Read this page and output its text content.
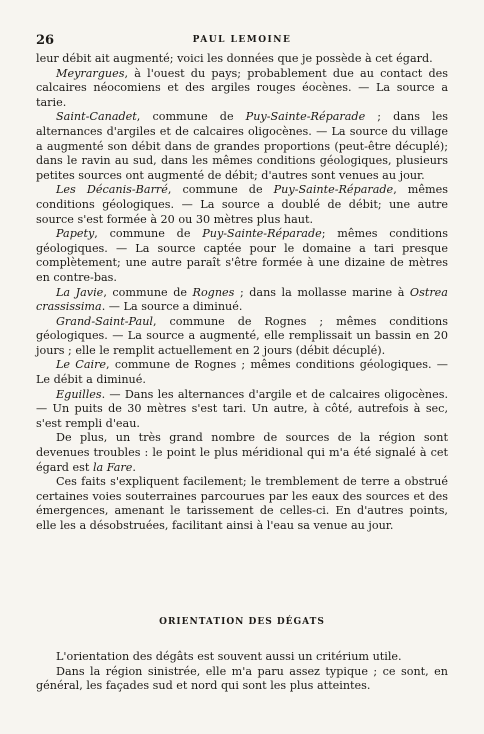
26	PAUL LEMOINE

leur débit ait augmenté; voici les données que je possède à cet égard.

Meyrargues, à l'ouest du pays; probablement due au contact des calcaires néocomiens et des argiles rouges éocènes. — La source a tarie.

Saint-Canadet, commune de Puy-Sainte-Réparade ; dans les alternances d'argiles et de calcaires oligocènes. — La source du village a augmenté son débit dans de grandes proportions (peut-être décuplé); dans le ravin au sud, dans les mêmes conditions géologiques, plusieurs petites sources ont augmenté de débit; d'autres sont venues au jour.

Les Décanis-Barré, commune de Puy-Sainte-Réparade, mêmes conditions géologiques. — La source a doublé de débit; une autre source s'est formée à 20 ou 30 mètres plus haut.

Papety, commune de Puy-Sainte-Réparade; mêmes conditions géologiques. — La source captée pour le domaine a tari presque complètement; une autre paraît s'être formée à une dizaine de mètres en contre-bas.

La Javie, commune de Rognes ; dans la mollasse marine à Ostrea crassissima. — La source a diminué.

Grand-Saint-Paul, commune de Rognes ; mêmes conditions géologiques. — La source a augmenté, elle remplissait un bassin en 20 jours ; elle le remplit actuellement en 2 jours (débit décuplé).

Le Caire, commune de Rognes ; mêmes conditions géologiques. — Le débit a diminué.

Eguilles. — Dans les alternances d'argile et de calcaires oligocènes. — Un puits de 30 mètres s'est tari. Un autre, à côté, autrefois à sec, s'est rempli d'eau.

De plus, un très grand nombre de sources de la région sont devenues troubles : le point le plus méridional qui m'a été signalé à cet égard est la Fare.

Ces faits s'expliquent facilement; le tremblement de terre a obstrué certaines voies souterraines parcourues par les eaux des sources et des émergences, amenant le tarissement de celles-ci. En d'autres points, elle les a désobstruées, facilitant ainsi à l'eau sa venue au jour.

ORIENTATION DES DÉGATS

L'orientation des dégâts est souvent aussi un critérium utile.

Dans la région sinistrée, elle m'a paru assez typique ; ce sont, en général, les façades sud et nord qui sont les plus atteintes.
